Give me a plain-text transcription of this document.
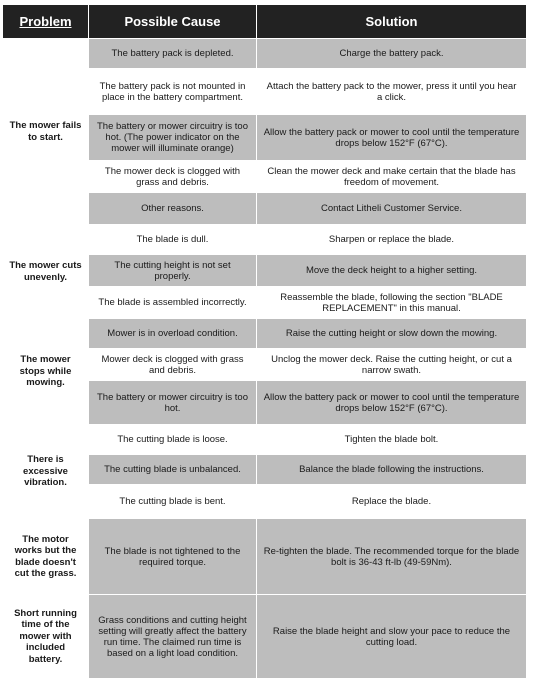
Problem	Possible Cause	Solution
The mower fails to start.	The battery pack is depleted.	Charge the battery pack.
	The battery pack is not mounted in place in the battery compartment.	Attach the battery pack to the mower, press it until you hear a click.
	The battery or mower circuitry is too hot. (The power indicator on the mower will illuminate orange)	Allow the battery pack or mower to cool until the temperature drops below 152°F (67°C).
	The mower deck is clogged with grass and debris.	Clean the mower deck and make certain that the blade has freedom of movement.
	Other reasons.	Contact Litheli Customer Service.
The mower cuts unevenly.	The blade is dull.	Sharpen or replace the blade.
	The cutting height is not set properly.	Move the deck height to a higher setting.
	The blade is assembled incorrectly.	Reassemble the blade, following the section "BLADE REPLACEMENT" in this manual.
The mower stops while mowing.	Mower is in overload condition.	Raise the cutting height or slow down the mowing.
	Mower deck is clogged with grass and debris.	Unclog the mower deck. Raise the cutting height, or cut a narrow swath.
	The battery or mower circuitry is too hot.	Allow the battery pack or mower to cool until the temperature drops below 152°F (67°C).
There is excessive vibration.	The cutting blade is loose.	Tighten the blade bolt.
	The cutting blade is unbalanced.	Balance the blade following the instructions.
	The cutting blade is bent.	Replace the blade.
The motor works but the blade doesn't cut the grass.	The blade is not tightened to the required torque.	Re-tighten the blade. The recommended torque for the blade bolt is 36-43 ft-lb (49-59Nm).
Short running time of the mower with included battery.	Grass conditions and cutting height setting will greatly affect the battery run time. The claimed run time is based on a light load condition.	Raise the blade height and slow your pace to reduce the cutting load.
